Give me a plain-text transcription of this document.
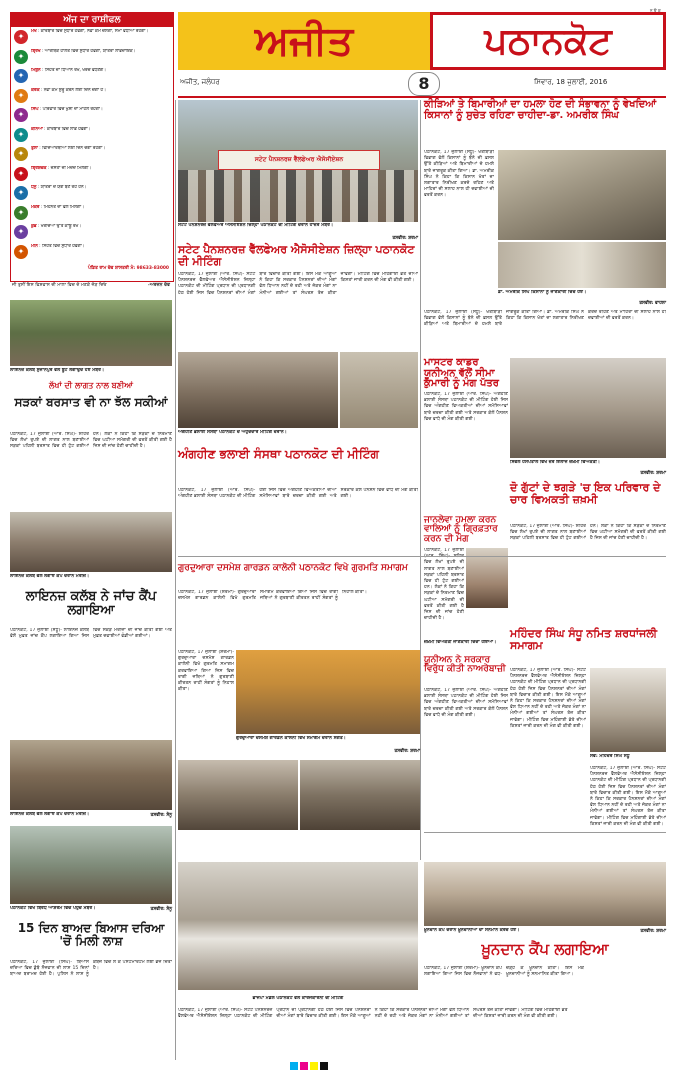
ਅੱਜ ਦਾ ਰਾਸ਼ੀਫਲ
✦
ਮੇਖ : ਕਾਰੋਬਾਰ ਵਿਚ ਸੁਧਾਰ ਹੋਵੇਗਾ, ਨਵਾਂ ਕੰਮ ਚੱਲੇਗਾ, ਸਮਾਂ ਵਧੀਆ ਰਹੇਗਾ।
✦
ਬ੍ਰਿਖ : ਆਰਥਿਕ ਹਾਲਤ ਵਿਚ ਸੁਧਾਰ ਹੋਵੇਗਾ, ਯਾਤਰਾ ਲਾਭਦਾਇਕ।
✦
ਮਿਥੁਨ : ਸਿਹਤ ਦਾ ਧਿਆਨ ਰੱਖੋ, ਖਰਚੇ ਵਧਣਗੇ।
✦
ਕਰਕ : ਨਵਾਂ ਕੰਮ ਸ਼ੁਰੂ ਕਰਨ ਲਈ ਦਿਨ ਚੰਗਾ ਹੈ।
✦
ਸਿੰਘ : ਪਰਿਵਾਰ ਵਿਚ ਖੁਸ਼ੀ ਦਾ ਮਾਹੌਲ ਰਹੇਗਾ।
✦
ਕੰਨਿਆ : ਕਾਰੋਬਾਰ ਵਿਚ ਲਾਭ ਹੋਵੇਗਾ।
✦
ਤੁਲਾ : ਵਿਦਿਆਰਥੀਆਂ ਲਈ ਦਿਨ ਚੰਗਾ ਰਹੇਗਾ।
✦
ਬ੍ਰਿਸ਼ਚਕ : ਦੋਸਤਾਂ ਦੀ ਮਦਦ ਮਿਲੇਗੀ।
✦
ਧਨੁ : ਯਾਤਰਾ ਦੇ ਯੋਗ ਬਣ ਰਹੇ ਹਨ।
✦
ਮਕਰ : ਮਿਹਨਤ ਦਾ ਫਲ ਮਿਲੇਗਾ।
✦
ਕੁੰਭ : ਖਰਚਿਆਂ ਉੱਤੇ ਕਾਬੂ ਰੱਖੋ।
✦
ਮੀਨ : ਸਿਹਤ ਵਿਚ ਸੁਧਾਰ ਹੋਵੇਗਾ।
ਪੰਡਿਤ ਰਾਮ ਦੇਵ ਸ਼ਾਸਤਰੀ ਮੋ: 98633-83000
ਜੀ ਤੁਸੀਂ ਇਸ ਵਿਸ਼ਵਾਸ ਦੀ ਮਾਲਾ ਵਿਚ ਦੋ ਮਣਕੇ ਜੋੜ ਦਿਓ	-ਅਰਜਨ ਦੇਵ
ਅਜੀਤ	ਪਠਾਨਕੋਟ
ਨ ੳ ਕ
ਅਜੀਤ, ਜਲੰਧਰ	8	ਸਿਵਾਰ, 18 ਜੁਲਾਈ, 2016
ਸਟੇਟ ਪੈਨਸ਼ਨਰਜ਼ ਵੈੱਲਫੇਅਰ ਐਸੋਸੀਏਸ਼ਨ
ਸਟੇਟ ਪੈਨਸ਼ਨਰਜ਼ ਵੈੱਲਫੇਅਰ ਐਸੋਸੀਏਸ਼ਨ ਜ਼ਿਲ੍ਹਾ ਪਠਾਨਕੋਟ ਦੀ ਮੀਟਿੰਗ ਦੌਰਾਨ ਹਾਜ਼ਰ ਮੈਂਬਰ।
ਤਸਵੀਰ: ਸ਼ਰਮਾ
ਸਟੇਟ ਪੈਨਸ਼ਨਰਜ਼ ਵੈੱਲਫੇਅਰ ਐਸੋਸੀਏਸ਼ਨ ਜ਼ਿਲ੍ਹਾ ਪਠਾਨਕੋਟ ਦੀ ਮੀਟਿੰਗ
ਪਠਾਨਕੋਟ, 17 ਜੁਲਾਈ (ਆਰ. ਸਿੰਘ)- ਸਟੇਟ ਪੈਨਸ਼ਨਰਜ਼ ਵੈੱਲਫੇਅਰ ਐਸੋਸੀਏਸ਼ਨ ਜ਼ਿਲ੍ਹਾ ਪਠਾਨਕੋਟ ਦੀ ਮੀਟਿੰਗ ਪ੍ਰਧਾਨ ਦੀ ਪ੍ਰਧਾਨਗੀ ਹੇਠ ਹੋਈ ਜਿਸ ਵਿਚ ਪੈਨਸ਼ਨਰਾਂ ਦੀਆਂ ਮੰਗਾਂ ਬਾਰੇ ਵਿਚਾਰ ਕੀਤੀ ਗਈ। ਇਸ ਮੌਕੇ ਆਗੂਆਂ ਨੇ ਕਿਹਾ ਕਿ ਸਰਕਾਰ ਪੈਨਸ਼ਨਰਾਂ ਦੀਆਂ ਮੰਗਾਂ ਵੱਲ ਧਿਆਨ ਨਹੀਂ ਦੇ ਰਹੀ ਅਤੇ ਜੇਕਰ ਮੰਗਾਂ ਨਾ ਮੰਨੀਆਂ ਗਈਆਂ ਤਾਂ ਸੰਘਰਸ਼ ਤੇਜ਼ ਕੀਤਾ ਜਾਵੇਗਾ। ਮੀਟਿੰਗ ਵਿਚ ਮਹਿੰਗਾਈ ਭੱਤੇ ਦੀਆਂ ਕਿਸ਼ਤਾਂ ਜਾਰੀ ਕਰਨ ਦੀ ਮੰਗ ਵੀ ਕੀਤੀ ਗਈ।
ਕੀੜਿਆਂ ਤੇ ਬਿਮਾਰੀਆਂ ਦਾ ਹਮਲਾ ਹੋਣ ਦੀ ਸੰਭਾਵਨਾ ਨੂੰ ਵੇਖਦਿਆਂ ਕਿਸਾਨਾਂ ਨੂੰ ਸੁਚੇਤ ਰਹਿਣਾ ਚਾਹੀਦਾ-ਡਾ. ਅਮਰੀਕ ਸਿੰਘ
ਪਠਾਨਕੋਟ, 17 ਜੁਲਾਈ (ਸੰਧੂ)- ਖੇਤੀਬਾੜੀ ਵਿਭਾਗ ਵੱਲੋਂ ਕਿਸਾਨਾਂ ਨੂੰ ਝੋਨੇ ਦੀ ਫ਼ਸਲ ਉੱਤੇ ਕੀੜਿਆਂ ਅਤੇ ਬਿਮਾਰੀਆਂ ਦੇ ਹਮਲੇ ਬਾਰੇ ਜਾਗਰੂਕ ਕੀਤਾ ਗਿਆ। ਡਾ. ਅਮਰੀਕ ਸਿੰਘ ਨੇ ਕਿਹਾ ਕਿ ਕਿਸਾਨ ਖੇਤਾਂ ਦਾ ਲਗਾਤਾਰ ਨਿਰੀਖਣ ਕਰਦੇ ਰਹਿਣ ਅਤੇ ਮਾਹਿਰਾਂ ਦੀ ਸਲਾਹ ਨਾਲ ਹੀ ਦਵਾਈਆਂ ਦੀ ਵਰਤੋਂ ਕਰਨ।
ਡਾ. ਅਮਰੀਕ ਸਿੰਘ ਕਿਸਾਨਾਂ ਨੂੰ ਜਾਣਕਾਰੀ ਦਿੰਦੇ ਹੋਏ।
ਤਸਵੀਰ: ਵਾਹਲਾ
ਪਠਾਨਕੋਟ, 17 ਜੁਲਾਈ (ਸੰਧੂ)- ਖੇਤੀਬਾੜੀ ਵਿਭਾਗ ਵੱਲੋਂ ਕਿਸਾਨਾਂ ਨੂੰ ਝੋਨੇ ਦੀ ਫ਼ਸਲ ਉੱਤੇ ਕੀੜਿਆਂ ਅਤੇ ਬਿਮਾਰੀਆਂ ਦੇ ਹਮਲੇ ਬਾਰੇ ਜਾਗਰੂਕ ਕੀਤਾ ਗਿਆ। ਡਾ. ਅਮਰੀਕ ਸਿੰਘ ਨੇ ਕਿਹਾ ਕਿ ਕਿਸਾਨ ਖੇਤਾਂ ਦਾ ਲਗਾਤਾਰ ਨਿਰੀਖਣ ਕਰਦੇ ਰਹਿਣ ਅਤੇ ਮਾਹਿਰਾਂ ਦੀ ਸਲਾਹ ਨਾਲ ਹੀ ਦਵਾਈਆਂ ਦੀ ਵਰਤੋਂ ਕਰਨ।
ਲਾਇਨਜ਼ ਕਲੱਬ ਸੁਜਾਨਪੁਰ ਵਲੋਂ ਬੂਟੇ ਲਗਾਉਂਦੇ ਹੋਏ ਮੈਂਬਰ।
ਲੱਖਾਂ ਦੀ ਲਾਗਤ ਨਾਲ ਬਣੀਆਂ
ਸੜਕਾਂ ਬਰਸਾਤ ਵੀ ਨਾ ਝੱਲ ਸਕੀਆਂ
ਪਠਾਨਕੋਟ, 17 ਜੁਲਾਈ (ਆਰ. ਸਿੰਘ)- ਸ਼ਹਿਰ ਵਿਚ ਲੱਖਾਂ ਰੁਪਏ ਦੀ ਲਾਗਤ ਨਾਲ ਬਣਾਈਆਂ ਸੜਕਾਂ ਪਹਿਲੀ ਬਰਸਾਤ ਵਿਚ ਹੀ ਟੁੱਟ ਗਈਆਂ ਹਨ। ਲੋਕਾਂ ਨੇ ਕਿਹਾ ਕਿ ਸੜਕਾਂ ਦੇ ਨਿਰਮਾਣ ਵਿਚ ਘਟੀਆ ਸਮੱਗਰੀ ਦੀ ਵਰਤੋਂ ਕੀਤੀ ਗਈ ਹੈ ਜਿਸ ਦੀ ਜਾਂਚ ਹੋਣੀ ਚਾਹੀਦੀ ਹੈ।
ਲਾਇਨਜ਼ ਕਲੱਬ ਵਲੋਂ ਲਗਾਏ ਕੈਂਪ ਦੌਰਾਨ ਮਰੀਜ਼।
ਅੰਗਹੀਣ ਭਲਾਈ ਸੰਸਥਾ ਪਠਾਨਕੋਟ ਦੇ ਅਹੁਦੇਦਾਰ ਮੀਟਿੰਗ ਦੌਰਾਨ।
ਅੰਗਹੀਣ ਭਲਾਈ ਸੰਸਥਾ ਪਠਾਨਕੋਟ ਦੀ ਮੀਟਿੰਗ
ਪਠਾਨਕੋਟ, 17 ਜੁਲਾਈ (ਆਰ. ਸਿੰਘ)- ਅੰਗਹੀਣ ਭਲਾਈ ਸੰਸਥਾ ਪਠਾਨਕੋਟ ਦੀ ਮੀਟਿੰਗ ਹੋਈ ਜਿਸ ਵਿਚ ਅੰਗਹੀਣ ਵਿਅਕਤੀਆਂ ਦੀਆਂ ਸਮੱਸਿਆਵਾਂ ਬਾਰੇ ਚਰਚਾ ਕੀਤੀ ਗਈ ਅਤੇ ਸਰਕਾਰ ਕੋਲੋਂ ਪੈਨਸ਼ਨ ਵਿਚ ਵਾਧੇ ਦੀ ਮੰਗ ਕੀਤੀ ਗਈ।
ਮਾਸਟਰ ਕਾਡਰ ਯੂਨੀਅਨ ਵੱਲੋਂ ਸੀਮਾ ਕੁਮਾਰੀ ਨੂੰ ਮੰਗ ਪੱਤਰ
ਪਠਾਨਕੋਟ, 17 ਜੁਲਾਈ (ਆਰ. ਸਿੰਘ)- ਅੰਗਹੀਣ ਭਲਾਈ ਸੰਸਥਾ ਪਠਾਨਕੋਟ ਦੀ ਮੀਟਿੰਗ ਹੋਈ ਜਿਸ ਵਿਚ ਅੰਗਹੀਣ ਵਿਅਕਤੀਆਂ ਦੀਆਂ ਸਮੱਸਿਆਵਾਂ ਬਾਰੇ ਚਰਚਾ ਕੀਤੀ ਗਈ ਅਤੇ ਸਰਕਾਰ ਕੋਲੋਂ ਪੈਨਸ਼ਨ ਵਿਚ ਵਾਧੇ ਦੀ ਮੰਗ ਕੀਤੀ ਗਈ।
ਸਿਵਲ ਹਸਪਤਾਲ ਵਿਖੇ ਜ਼ੇਰੇ ਇਲਾਜ ਜ਼ਖ਼ਮੀ ਵਿਅਕਤੀ।
ਤਸਵੀਰ: ਸ਼ਰਮਾ
ਜਾਨਲੇਵਾ ਹਮਲਾ ਕਰਨ ਵਾਲਿਆਂ ਨੂੰ ਗ੍ਰਿਫ਼ਤਾਰ ਕਰਨ ਦੀ ਮੰਗ
ਪਠਾਨਕੋਟ, 17 ਜੁਲਾਈ ਵਿਚ ਲੱਖਾਂ ਰੁਪਏ ਦੀ ਲਾਗਤ ਨਾਲ ਬਣਾਈਆਂ ਸੜਕਾਂ ਪਹਿਲੀ ਬਰਸਾਤ ਵਿਚ ਹੀ ਟੁੱਟ ਗਈਆਂ ਹਨ। ਲੋਕਾਂ ਨੇ ਕਿਹਾ ਕਿ ਸੜਕਾਂ ਦੇ ਨਿਰਮਾਣ ਵਿਚ ਘਟੀਆ ਸਮੱਗਰੀ ਦੀ ਵਰਤੋਂ ਕੀਤੀ ਗਈ ਹੈ ਜਿਸ ਦੀ ਜਾਂਚ ਹੋਣੀ ਚਾਹੀਦੀ ਹੈ।
ਜ਼ਖ਼ਮੀ ਵਿਅਕਤੀ ਜਾਣਕਾਰੀ ਦਿੰਦਾ ਹੋਇਆ।
ਦੋ ਗੁੱਟਾਂ ਦੇ ਝਗੜੇ 'ਚ ਇਕ ਪਰਿਵਾਰ ਦੇ ਚਾਰ ਵਿਅਕਤੀ ਜ਼ਖ਼ਮੀ
ਪਠਾਨਕੋਟ, 17 ਜੁਲਾਈ (ਆਰ. ਸਿੰਘ)- ਸ਼ਹਿਰ ਵਿਚ ਲੱਖਾਂ ਰੁਪਏ ਦੀ ਲਾਗਤ ਨਾਲ ਬਣਾਈਆਂ ਸੜਕਾਂ ਪਹਿਲੀ ਬਰਸਾਤ ਵਿਚ ਹੀ ਟੁੱਟ ਗਈਆਂ ਹਨ। ਲੋਕਾਂ ਨੇ ਕਿਹਾ ਕਿ ਸੜਕਾਂ ਦੇ ਨਿਰਮਾਣ ਵਿਚ ਘਟੀਆ ਸਮੱਗਰੀ ਦੀ ਵਰਤੋਂ ਕੀਤੀ ਗਈ ਹੈ ਜਿਸ ਦੀ ਜਾਂਚ ਹੋਣੀ ਚਾਹੀਦੀ ਹੈ।
ਲਾਇਨਜ਼ ਕਲੱਬ ਨੇ ਜਾਂਚ ਕੈਂਪ ਲਗਾਇਆ
ਪਠਾਨਕੋਟ, 17 ਜੁਲਾਈ (ਸੰਧੂ)- ਲਾਇਨਜ਼ ਕਲੱਬ ਵੱਲੋਂ ਮੁਫ਼ਤ ਜਾਂਚ ਕੈਂਪ ਲਗਾਇਆ ਗਿਆ ਜਿਸ ਵਿਚ ਸੈਂਕੜੇ ਮਰੀਜ਼ਾਂ ਦੀ ਜਾਂਚ ਕੀਤੀ ਗਈ ਅਤੇ ਮੁਫ਼ਤ ਦਵਾਈਆਂ ਵੰਡੀਆਂ ਗਈਆਂ।
ਲਾਇਨਜ਼ ਕਲੱਬ ਵਲੋਂ ਲਗਾਏ ਕੈਂਪ ਦੌਰਾਨ ਮਰੀਜ਼।	ਤਸਵੀਰ: ਸੋਨੂ
ਗੁਰਦੁਆਰਾ ਦਸਮੇਸ਼ ਗਾਰਡਨ ਕਾਲੋਨੀ ਪਠਾਨਕੋਟ ਵਿਖੇ ਗੁਰਮਤਿ ਸਮਾਗਮ
ਪਠਾਨਕੋਟ, 17 ਜੁਲਾਈ (ਸ਼ਰਮਾ)- ਗੁਰਦੁਆਰਾ ਦਸਮੇਸ਼ ਗਾਰਡਨ ਕਾਲੋਨੀ ਵਿਖੇ ਗੁਰਮਤਿ ਸਮਾਗਮ ਕਰਵਾਇਆ ਗਿਆ ਜਿਸ ਵਿਚ ਰਾਗੀ ਜਥਿਆਂ ਨੇ ਗੁਰਬਾਣੀ ਕੀਰਤਨ ਰਾਹੀਂ ਸੰਗਤਾਂ ਨੂੰ ਨਿਹਾਲ ਕੀਤਾ।
ਪਠਾਨਕੋਟ, 17 ਜੁਲਾਈ (ਸ਼ਰਮਾ)- ਗੁਰਦੁਆਰਾ ਦਸਮੇਸ਼ ਗਾਰਡਨ ਕਾਲੋਨੀ ਵਿਖੇ ਗੁਰਮਤਿ ਸਮਾਗਮ ਕਰਵਾਇਆ ਗਿਆ ਜਿਸ ਵਿਚ ਰਾਗੀ ਜਥਿਆਂ ਨੇ ਗੁਰਬਾਣੀ ਕੀਰਤਨ ਰਾਹੀਂ ਸੰਗਤਾਂ ਨੂੰ ਨਿਹਾਲ ਕੀਤਾ।
ਗੁਰਦੁਆਰਾ ਦਸਮੇਸ਼ ਗਾਰਡਨ ਕਾਲੋਨੀ ਵਿਖੇ ਸਮਾਗਮ ਦੌਰਾਨ ਸੰਗਤ।
ਤਸਵੀਰ: ਸ਼ਰਮਾ
ਯੂਨੀਅਨ ਨੇ ਸਰਕਾਰ ਵਿਰੁੱਧ ਕੀਤੀ ਨਾਅਰੇਬਾਜ਼ੀ
ਪਠਾਨਕੋਟ, 17 ਜੁਲਾਈ (ਆਰ. ਸਿੰਘ)- ਅੰਗਹੀਣ ਭਲਾਈ ਸੰਸਥਾ ਪਠਾਨਕੋਟ ਦੀ ਮੀਟਿੰਗ ਹੋਈ ਜਿਸ ਵਿਚ ਅੰਗਹੀਣ ਵਿਅਕਤੀਆਂ ਦੀਆਂ ਸਮੱਸਿਆਵਾਂ ਬਾਰੇ ਚਰਚਾ ਕੀਤੀ ਗਈ ਅਤੇ ਸਰਕਾਰ ਕੋਲੋਂ ਪੈਨਸ਼ਨ ਵਿਚ ਵਾਧੇ ਦੀ ਮੰਗ ਕੀਤੀ ਗਈ।
ਮਹਿੰਦਰ ਸਿੰਘ ਸੰਧੂ ਨਮਿਤ ਸ਼ਰਧਾਂਜਲੀ ਸਮਾਗਮ
ਪਠਾਨਕੋਟ, 17 ਜੁਲਾਈ (ਆਰ. ਸਿੰਘ)- ਸਟੇਟ ਪੈਨਸ਼ਨਰਜ਼ ਵੈੱਲਫੇਅਰ ਐਸੋਸੀਏਸ਼ਨ ਜ਼ਿਲ੍ਹਾ ਪਠਾਨਕੋਟ ਦੀ ਮੀਟਿੰਗ ਪ੍ਰਧਾਨ ਦੀ ਪ੍ਰਧਾਨਗੀ ਹੇਠ ਹੋਈ ਜਿਸ ਵਿਚ ਪੈਨਸ਼ਨਰਾਂ ਦੀਆਂ ਮੰਗਾਂ ਬਾਰੇ ਵਿਚਾਰ ਕੀਤੀ ਗਈ। ਇਸ ਮੌਕੇ ਆਗੂਆਂ ਨੇ ਕਿਹਾ ਕਿ ਸਰਕਾਰ ਪੈਨਸ਼ਨਰਾਂ ਦੀਆਂ ਮੰਗਾਂ ਵੱਲ ਧਿਆਨ ਨਹੀਂ ਦੇ ਰਹੀ ਅਤੇ ਜੇਕਰ ਮੰਗਾਂ ਨਾ ਮੰਨੀਆਂ ਗਈਆਂ ਤਾਂ ਸੰਘਰਸ਼ ਤੇਜ਼ ਕੀਤਾ ਜਾਵੇਗਾ। ਮੀਟਿੰਗ ਵਿਚ ਮਹਿੰਗਾਈ ਭੱਤੇ ਦੀਆਂ ਕਿਸ਼ਤਾਂ ਜਾਰੀ ਕਰਨ ਦੀ ਮੰਗ ਵੀ ਕੀਤੀ ਗਈ।
ਸਵ: ਮਹਿੰਦਰ ਸਿੰਘ ਸੰਧੂ
ਪਠਾਨਕੋਟ, 17 ਜੁਲਾਈ (ਆਰ. ਸਿੰਘ)- ਸਟੇਟ ਪੈਨਸ਼ਨਰਜ਼ ਵੈੱਲਫੇਅਰ ਐਸੋਸੀਏਸ਼ਨ ਜ਼ਿਲ੍ਹਾ ਪਠਾਨਕੋਟ ਦੀ ਮੀਟਿੰਗ ਪ੍ਰਧਾਨ ਦੀ ਪ੍ਰਧਾਨਗੀ ਹੇਠ ਹੋਈ ਜਿਸ ਵਿਚ ਪੈਨਸ਼ਨਰਾਂ ਦੀਆਂ ਮੰਗਾਂ ਬਾਰੇ ਵਿਚਾਰ ਕੀਤੀ ਗਈ। ਇਸ ਮੌਕੇ ਆਗੂਆਂ ਨੇ ਕਿਹਾ ਕਿ ਸਰਕਾਰ ਪੈਨਸ਼ਨਰਾਂ ਦੀਆਂ ਮੰਗਾਂ ਵੱਲ ਧਿਆਨ ਨਹੀਂ ਦੇ ਰਹੀ ਅਤੇ ਜੇਕਰ ਮੰਗਾਂ ਨਾ ਮੰਨੀਆਂ ਗਈਆਂ ਤਾਂ ਸੰਘਰਸ਼ ਤੇਜ਼ ਕੀਤਾ ਜਾਵੇਗਾ। ਮੀਟਿੰਗ ਵਿਚ ਮਹਿੰਗਾਈ ਭੱਤੇ ਦੀਆਂ ਕਿਸ਼ਤਾਂ ਜਾਰੀ ਕਰਨ ਦੀ ਮੰਗ ਵੀ ਕੀਤੀ ਗਈ।
ਪਠਾਨਕੋਟ ਵਿਖੇ ਬਿਰਧ ਆਸ਼ਰਮ ਵਿਚ ਪਹੁੰਚੇ ਮੈਂਬਰ।	ਤਸਵੀਰ: ਸੋਨੂ
15 ਦਿਨ ਬਾਅਦ ਬਿਆਸ ਦਰਿਆ 'ਚੋਂ ਮਿਲੀ ਲਾਸ਼
ਪਠਾਨਕੋਟ, 17 ਜੁਲਾਈ (ਸਿੰਘ)- ਬਿਆਸ ਦਰਿਆ ਵਿਚ ਡੁੱਬੇ ਨੌਜਵਾਨ ਦੀ ਲਾਸ਼ 15 ਦਿਨਾਂ ਬਾਅਦ ਬਰਾਮਦ ਹੋਈ ਹੈ। ਪੁਲਿਸ ਨੇ ਲਾਸ਼ ਨੂੰ ਕਬਜ਼ੇ ਵਿਚ ਲੈ ਕੇ ਪੋਸਟਮਾਰਟਮ ਲਈ ਭੇਜ ਦਿੱਤਾ ਹੈ।
ਭਾਜਪਾ ਮੰਡਲ ਪਠਾਨਕੋਟ ਵੱਲੋਂ ਕਾਰਜਕਾਰਨੀ ਦੀ ਮੀਟਿੰਗ
ਪਠਾਨਕੋਟ, 17 ਜੁਲਾਈ (ਆਰ. ਸਿੰਘ)- ਸਟੇਟ ਪੈਨਸ਼ਨਰਜ਼ ਵੈੱਲਫੇਅਰ ਐਸੋਸੀਏਸ਼ਨ ਜ਼ਿਲ੍ਹਾ ਪਠਾਨਕੋਟ ਦੀ ਮੀਟਿੰਗ ਪ੍ਰਧਾਨ ਦੀ ਪ੍ਰਧਾਨਗੀ ਹੇਠ ਹੋਈ ਜਿਸ ਵਿਚ ਪੈਨਸ਼ਨਰਾਂ ਦੀਆਂ ਮੰਗਾਂ ਬਾਰੇ ਵਿਚਾਰ ਕੀਤੀ ਗਈ। ਇਸ ਮੌਕੇ ਆਗੂਆਂ ਨੇ ਕਿਹਾ ਕਿ ਸਰਕਾਰ ਪੈਨਸ਼ਨਰਾਂ ਦੀਆਂ ਮੰਗਾਂ ਵੱਲ ਧਿਆਨ ਨਹੀਂ ਦੇ ਰਹੀ ਅਤੇ ਜੇਕਰ ਮੰਗਾਂ ਨਾ ਮੰਨੀਆਂ ਗਈਆਂ ਤਾਂ ਸੰਘਰਸ਼ ਤੇਜ਼ ਕੀਤਾ ਜਾਵੇਗਾ। ਮੀਟਿੰਗ ਵਿਚ ਮਹਿੰਗਾਈ ਭੱਤੇ ਦੀਆਂ ਕਿਸ਼ਤਾਂ ਜਾਰੀ ਕਰਨ ਦੀ ਮੰਗ ਵੀ ਕੀਤੀ ਗਈ।
ਖ਼ੂਨਦਾਨ ਕੈਂਪ ਦੌਰਾਨ ਖ਼ੂਨਦਾਨੀਆਂ ਦਾ ਸਨਮਾਨ ਕਰਦੇ ਹੋਏ।	ਤਸਵੀਰ: ਸ਼ਰਮਾ
ਖ਼ੂਨਦਾਨ ਕੈਂਪ ਲਗਾਇਆ
ਪਠਾਨਕੋਟ, 17 ਜੁਲਾਈ (ਸ਼ਰਮਾ)- ਖ਼ੂਨਦਾਨ ਕੈਂਪ ਲਗਾਇਆ ਗਿਆ ਜਿਸ ਵਿਚ ਨੌਜਵਾਨਾਂ ਨੇ ਵਧ-ਚੜ੍ਹ ਕੇ ਖ਼ੂਨਦਾਨ ਕੀਤਾ। ਇਸ ਮੌਕੇ ਖ਼ੂਨਦਾਨੀਆਂ ਨੂੰ ਸਨਮਾਨਿਤ ਕੀਤਾ ਗਿਆ।
